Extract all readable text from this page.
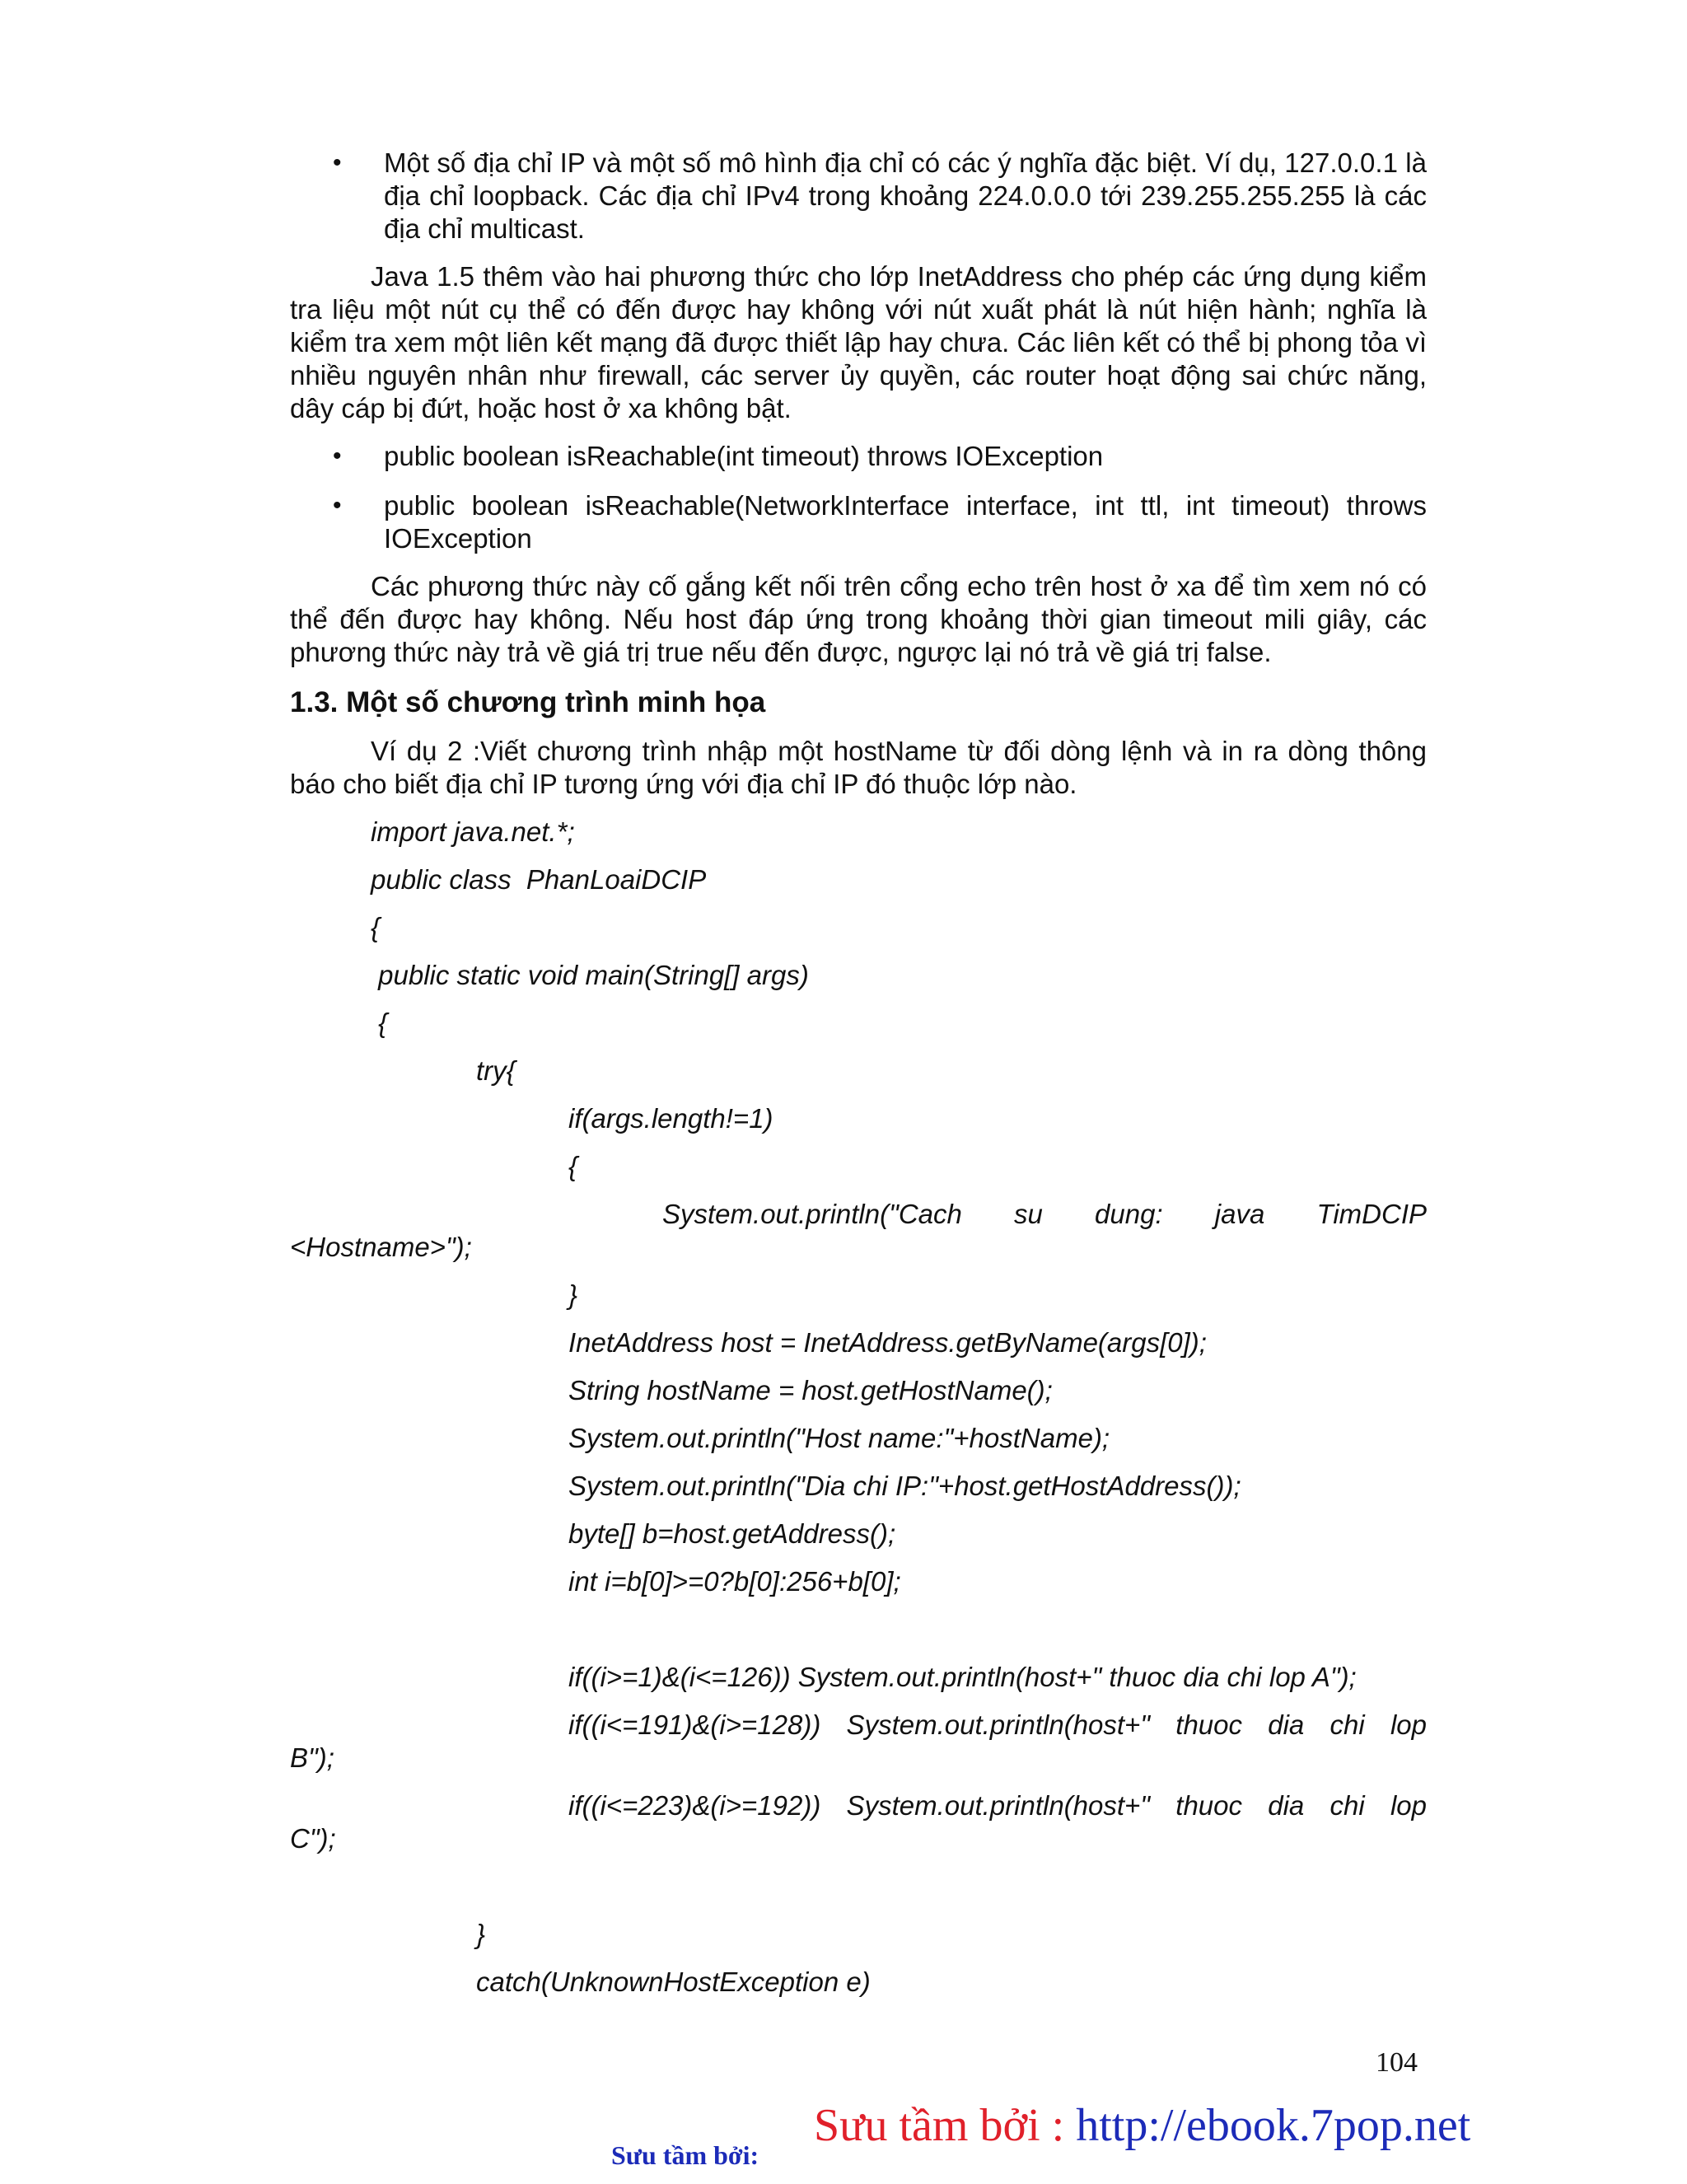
• Một số địa chỉ IP và một số mô hình địa chỉ có các ý nghĩa đặc biệt. Ví dụ, 127.0.0.1 là địa chỉ loopback. Các địa chỉ IPv4 trong khoảng 224.0.0.0 tới 239.255.255.255 là các địa chỉ multicast.

Java 1.5 thêm vào hai phương thức cho lớp InetAddress cho phép các ứng dụng kiểm tra liệu một nút cụ thể có đến được hay không với nút xuất phát là nút hiện hành; nghĩa là kiểm tra xem một liên kết mạng đã được thiết lập hay chưa. Các liên kết có thể bị phong tỏa vì nhiều nguyên nhân như firewall, các server ủy quyền, các router hoạt động sai chức năng, dây cáp bị đứt, hoặc host ở xa không bật.

• public boolean isReachable(int timeout) throws IOException
• public boolean isReachable(NetworkInterface interface, int ttl, int timeout) throws IOException

Các phương thức này cố gắng kết nối trên cổng echo trên host ở xa để tìm xem nó có thể đến được hay không. Nếu host đáp ứng trong khoảng thời gian timeout mili giây, các phương thức này trả về giá trị true nếu đến được, ngược lại nó trả về giá trị false.

1.3. Một số chương trình minh họa

Ví dụ 2 :Viết chương trình nhập một hostName từ đối dòng lệnh và in ra dòng thông báo cho biết địa chỉ IP tương ứng với địa chỉ IP đó thuộc lớp nào.

import java.net.*;
public class  PhanLoaiDCIP
{
public static void main(String[] args)
{
try{
if(args.length!=1)
{
System.out.println("Cach su dung: java TimDCIP
<Hostname>");
}
InetAddress host = InetAddress.getByName(args[0]);
String hostName = host.getHostName();
System.out.println("Host name:"+hostName);
System.out.println("Dia chi IP:"+host.getHostAddress());
byte[] b=host.getAddress();
int i=b[0]>=0?b[0]:256+b[0];
if((i>=1)&(i<=126)) System.out.println(host+" thuoc dia chi lop A");
if((i<=191)&(i>=128)) System.out.println(host+" thuoc dia chi lop
B");
if((i<=223)&(i>=192)) System.out.println(host+" thuoc dia chi lop
C");
}
catch(UnknownHostException e)
104
Sưu tầm bởi : http://ebook.7pop.net
Sưu tầm bởi:
